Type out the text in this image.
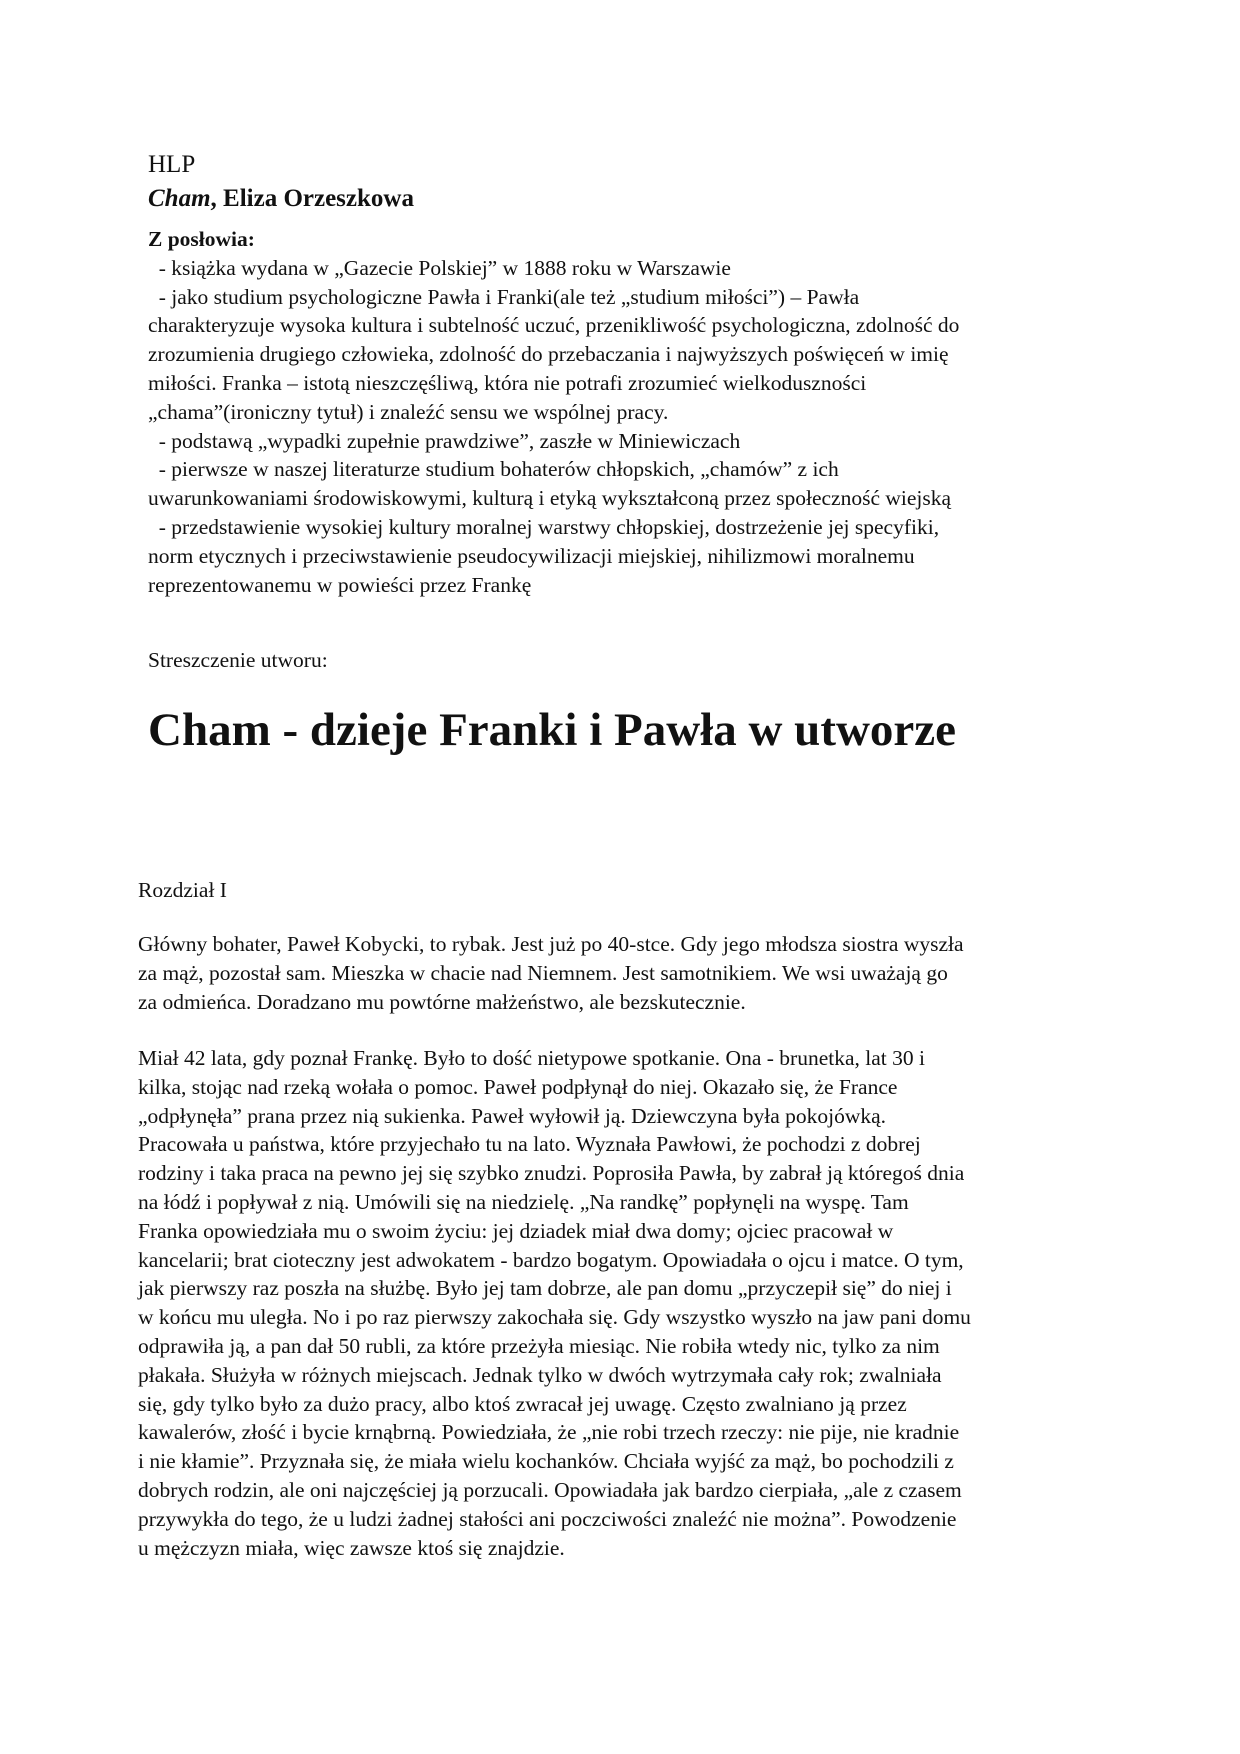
HLP
Cham, Eliza Orzeszkowa
Z posłowia:
- książka wydana w „Gazecie Polskiej” w 1888 roku w Warszawie
- jako studium psychologiczne Pawła i Franki(ale też „studium miłości”) – Pawła
charakteryzuje wysoka kultura i subtelność uczuć, przenikliwość psychologiczna, zdolność do
zrozumienia drugiego człowieka, zdolność do przebaczania i najwyższych poświęceń w imię
miłości. Franka – istotą nieszczęśliwą, która nie potrafi zrozumieć wielkoduszności
„chama”(ironiczny tytuł) i znaleźć sensu we wspólnej pracy.
- podstawą „wypadki zupełnie prawdziwe”, zaszłe w Miniewiczach
- pierwsze w naszej literaturze studium bohaterów chłopskich, „chamów” z ich
uwarunkowaniami środowiskowymi, kulturą i etyką wykształconą przez społeczność wiejską
- przedstawienie wysokiej kultury moralnej warstwy chłopskiej, dostrzeżenie jej specyfiki,
norm etycznych i przeciwstawienie pseudocywilizacji miejskiej, nihilizmowi moralnemu
reprezentowanemu w powieści przez Frankę
Streszczenie utworu:
Cham - dzieje Franki i Pawła w utworze
Rozdział I
Główny bohater, Paweł Kobycki, to rybak. Jest już po 40-stce. Gdy jego młodsza siostra wyszła
za mąż, pozostał sam. Mieszka w chacie nad Niemnem. Jest samotnikiem. We wsi uważają go
za odmieńca. Doradzano mu powtórne małżeństwo, ale bezskutecznie.
Miał 42 lata, gdy poznał Frankę. Było to dość nietypowe spotkanie. Ona - brunetka, lat 30 i
kilka, stojąc nad rzeką wołała o pomoc. Paweł podpłynął do niej. Okazało się, że France
„odpłynęła” prana przez nią sukienka. Paweł wyłowił ją. Dziewczyna była pokojówką.
Pracowała u państwa, które przyjechało tu na lato. Wyznała Pawłowi, że pochodzi z dobrej
rodziny i taka praca na pewno jej się szybko znudzi. Poprosiła Pawła, by zabrał ją któregoś dnia
na łódź i popływał z nią. Umówili się na niedzielę. „Na randkę” popłynęli na wyspę. Tam
Franka opowiedziała mu o swoim życiu: jej dziadek miał dwa domy; ojciec pracował w
kancelarii; brat cioteczny jest adwokatem - bardzo bogatym. Opowiadała o ojcu i matce. O tym,
jak pierwszy raz poszła na służbę. Było jej tam dobrze, ale pan domu „przyczepił się” do niej i
w końcu mu uległa. No i po raz pierwszy zakochała się. Gdy wszystko wyszło na jaw pani domu
odprawiła ją, a pan dał 50 rubli, za które przeżyła miesiąc. Nie robiła wtedy nic, tylko za nim
płakała. Służyła w różnych miejscach. Jednak tylko w dwóch wytrzymała cały rok; zwalniała
się, gdy tylko było za dużo pracy, albo ktoś zwracał jej uwagę. Często zwalniano ją przez
kawalerów, złość i bycie krnąbrną. Powiedziała, że „nie robi trzech rzeczy: nie pije, nie kradnie
i nie kłamie”. Przyznała się, że miała wielu kochanków. Chciała wyjść za mąż, bo pochodzili z
dobrych rodzin, ale oni najczęściej ją porzucali. Opowiadała jak bardzo cierpiała, „ale z czasem
przywykła do tego, że u ludzi żadnej stałości ani poczciwości znaleźć nie można”. Powodzenie
u mężczyzn miała, więc zawsze ktoś się znajdzie.
